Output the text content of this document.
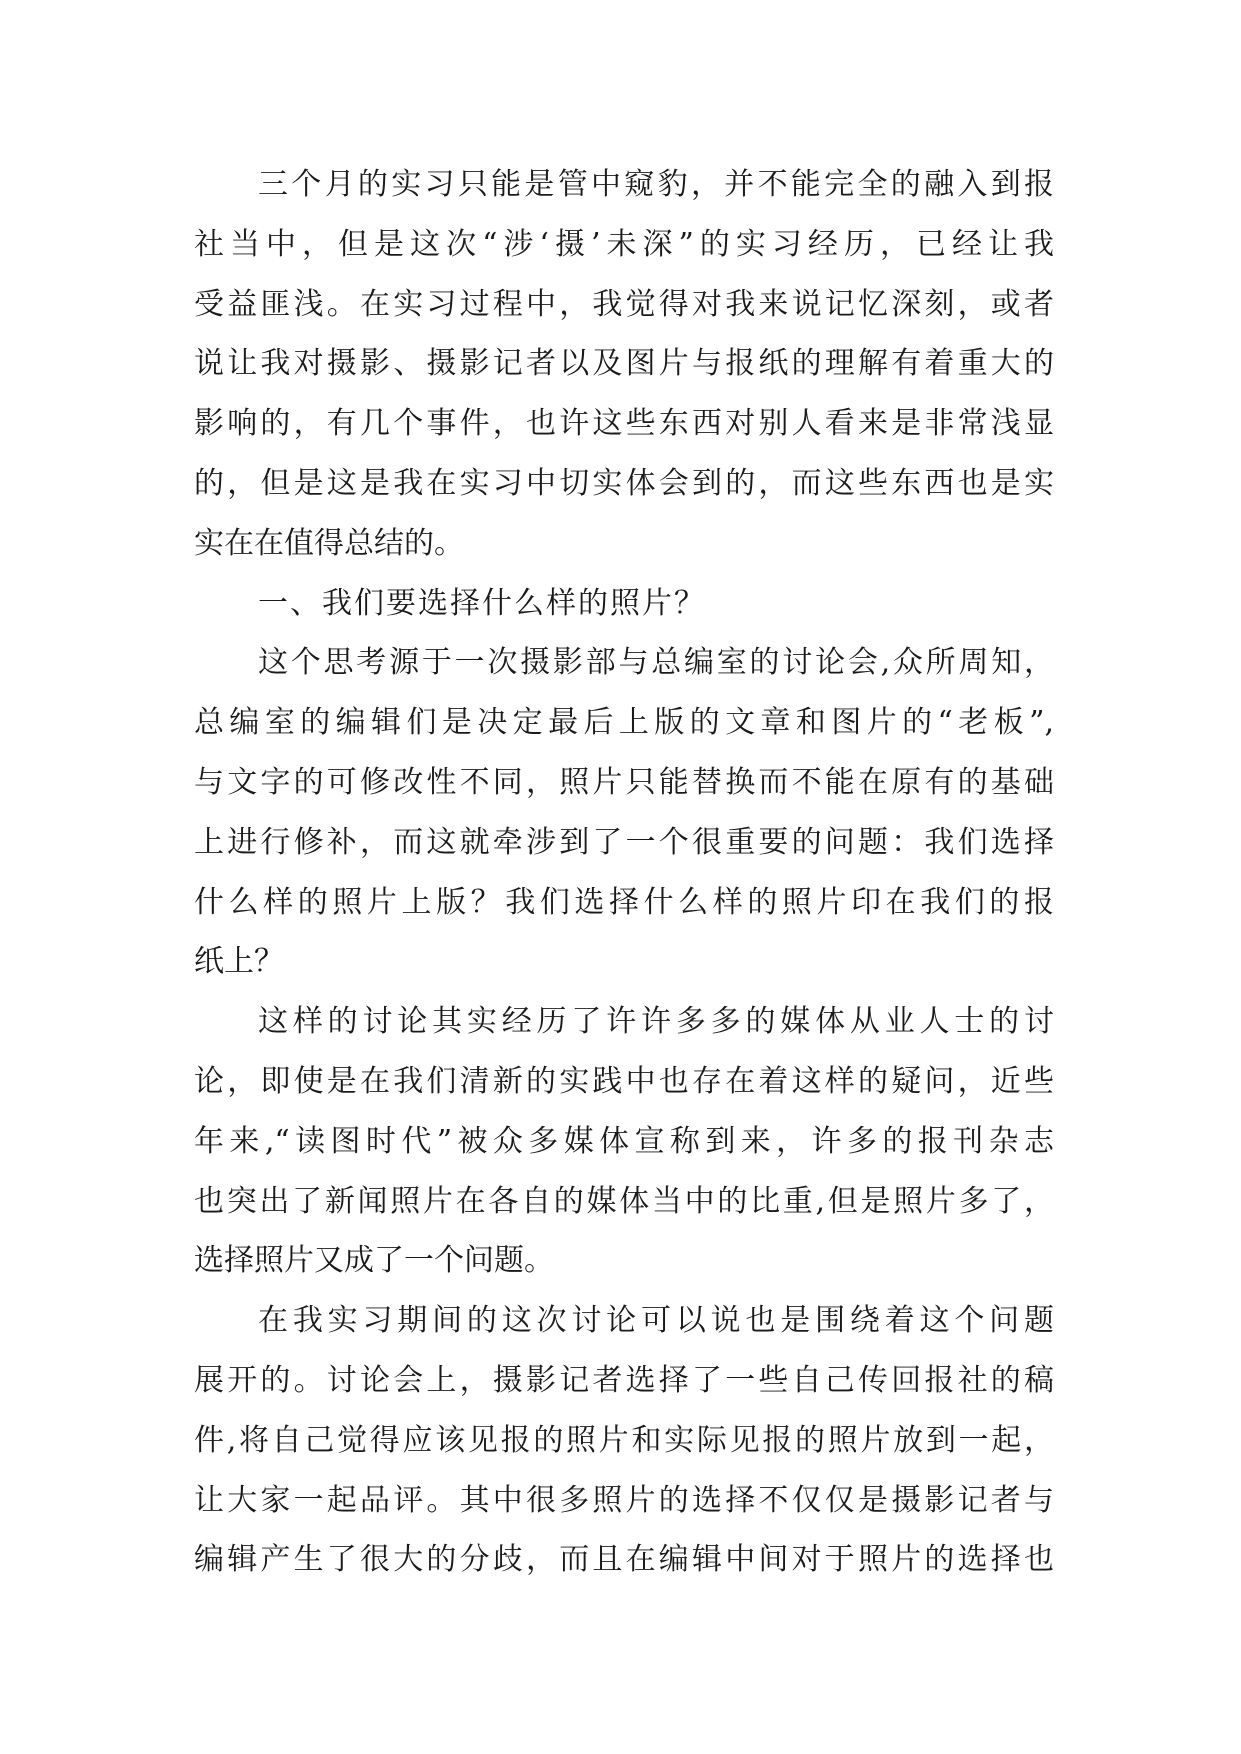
三个月的实习只能是管中窥豹，并不能完全的融入到报
社当中，但是这次“涉‘摄’未深”的实习经历，已经让我
受益匪浅。在实习过程中，我觉得对我来说记忆深刻，或者
说让我对摄影、摄影记者以及图片与报纸的理解有着重大的
影响的，有几个事件，也许这些东西对别人看来是非常浅显
的，但是这是我在实习中切实体会到的，而这些东西也是实
实在在值得总结的。
一、我们要选择什么样的照片？
这个思考源于一次摄影部与总编室的讨论会,众所周知，
总编室的编辑们是决定最后上版的文章和图片的“老板”,
与文字的可修改性不同，照片只能替换而不能在原有的基础
上进行修补，而这就牵涉到了一个很重要的问题：我们选择
什么样的照片上版？我们选择什么样的照片印在我们的报
纸上？
这样的讨论其实经历了许许多多的媒体从业人士的讨
论，即使是在我们清新的实践中也存在着这样的疑问，近些
年来,“读图时代”被众多媒体宣称到来，许多的报刊杂志
也突出了新闻照片在各自的媒体当中的比重,但是照片多了，
选择照片又成了一个问题。
在我实习期间的这次讨论可以说也是围绕着这个问题
展开的。讨论会上，摄影记者选择了一些自己传回报社的稿
件,将自己觉得应该见报的照片和实际见报的照片放到一起，
让大家一起品评。其中很多照片的选择不仅仅是摄影记者与
编辑产生了很大的分歧，而且在编辑中间对于照片的选择也
